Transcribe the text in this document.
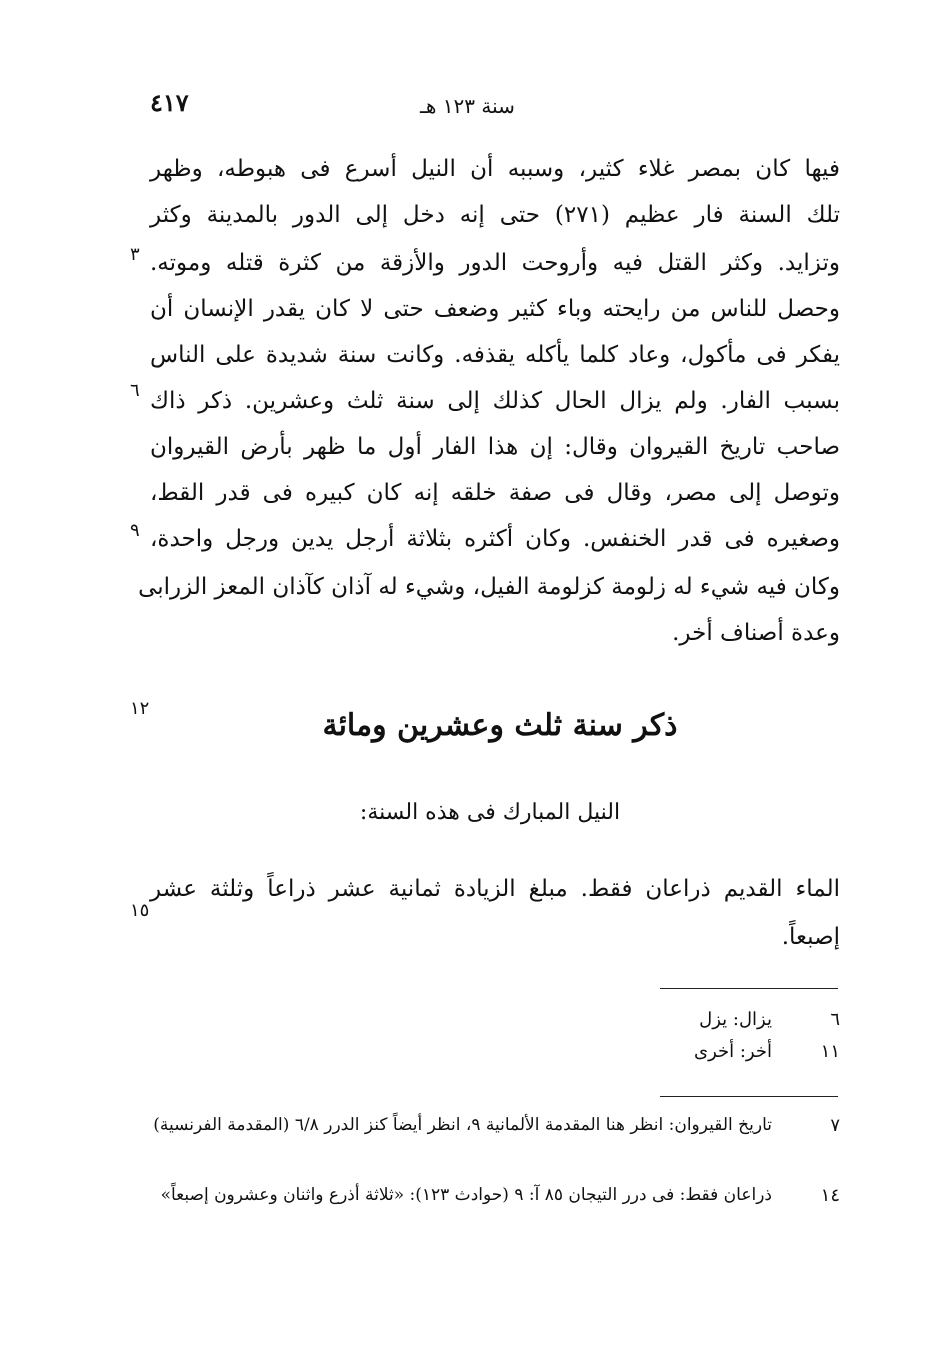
٤١٧	سنة ١٢٣ هـ
فيها كان بمصر غلاء كثير، وسببه أن النيل أسرع فى هبوطه، وظهر
تلك السنة فار عظيم (٢٧١) حتى إنه دخل إلى الدور بالمدينة وكثر
وتزايد. وكثر القتل فيه وأروحت الدور والأزقة من كثرة قتله وموته.
وحصل للناس من رايحته وباء كثير وضعف حتى لا كان يقدر الإنسان أن
يفكر فى مأكول، وعاد كلما يأكله يقذفه. وكانت سنة شديدة على الناس
بسبب الفار. ولم يزال الحال كذلك إلى سنة ثلث وعشرين. ذكر ذاك
صاحب تاريخ القيروان وقال: إن هذا الفار أول ما ظهر بأرض القيروان
وتوصل إلى مصر، وقال فى صفة خلقه إنه كان كبيره فى قدر القط،
وصغيره فى قدر الخنفس. وكان أكثره بثلاثة أرجل يدين ورجل واحدة،
وكان فيه شيء له زلومة كزلومة الفيل، وشيء له آذان كآذان المعز الزرابى
وعدة أصناف أخر.
٣
٦
٩
١٢
١٥
ذكر سنة ثلث وعشرين ومائة
النيل المبارك فى هذه السنة:
الماء القديم ذراعان فقط. مبلغ الزيادة ثمانية عشر ذراعاً وثلثة عشر
إصبعاً.
٦
يزال: يزل
١١
أخر: أخرى
٧
تاريخ القيروان: انظر هنا المقدمة الألمانية ٩، انظر أيضاً كنز الدرر ٦/٨ (المقدمة الفرنسية)
١٤
ذراعان فقط: فى درر التيجان ٨٥ آ: ٩ (حوادث ١٢٣): «ثلاثة أذرع واثنان وعشرون إصبعاً»
